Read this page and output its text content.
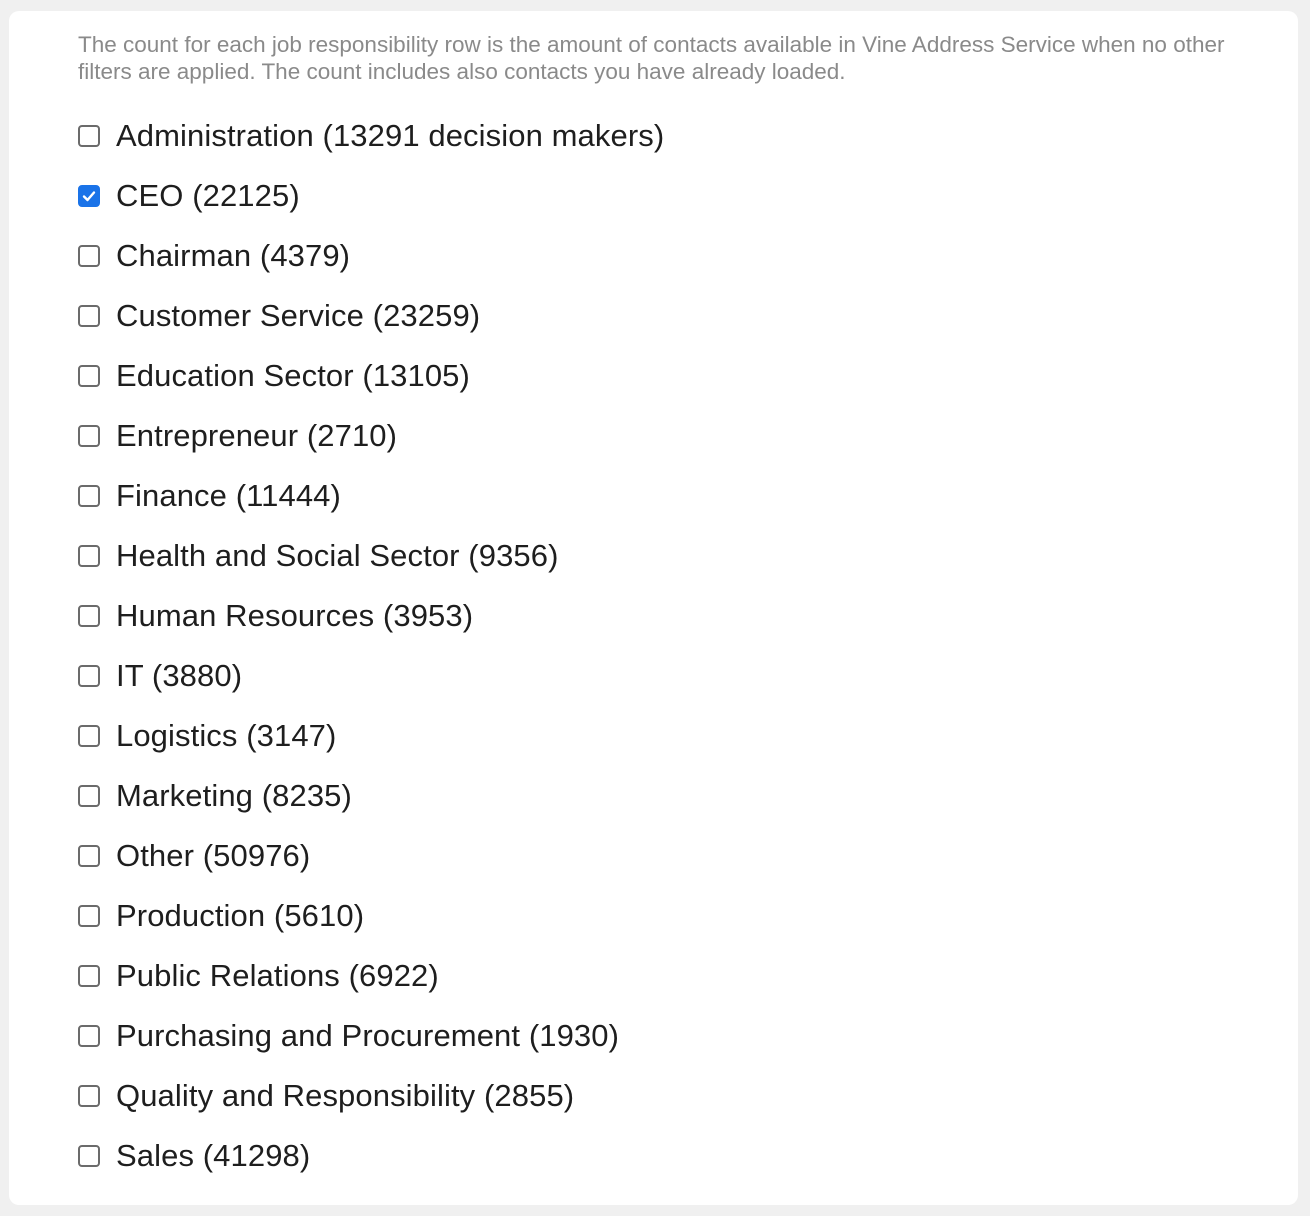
The count for each job responsibility row is the amount of contacts available in Vine Address Service when no other filters are applied. The count includes also contacts you have already loaded.
Administration (13291 decision makers)
CEO (22125)
Chairman (4379)
Customer Service (23259)
Education Sector (13105)
Entrepreneur (2710)
Finance (11444)
Health and Social Sector (9356)
Human Resources (3953)
IT (3880)
Logistics (3147)
Marketing (8235)
Other (50976)
Production (5610)
Public Relations (6922)
Purchasing and Procurement (1930)
Quality and Responsibility (2855)
Sales (41298)
